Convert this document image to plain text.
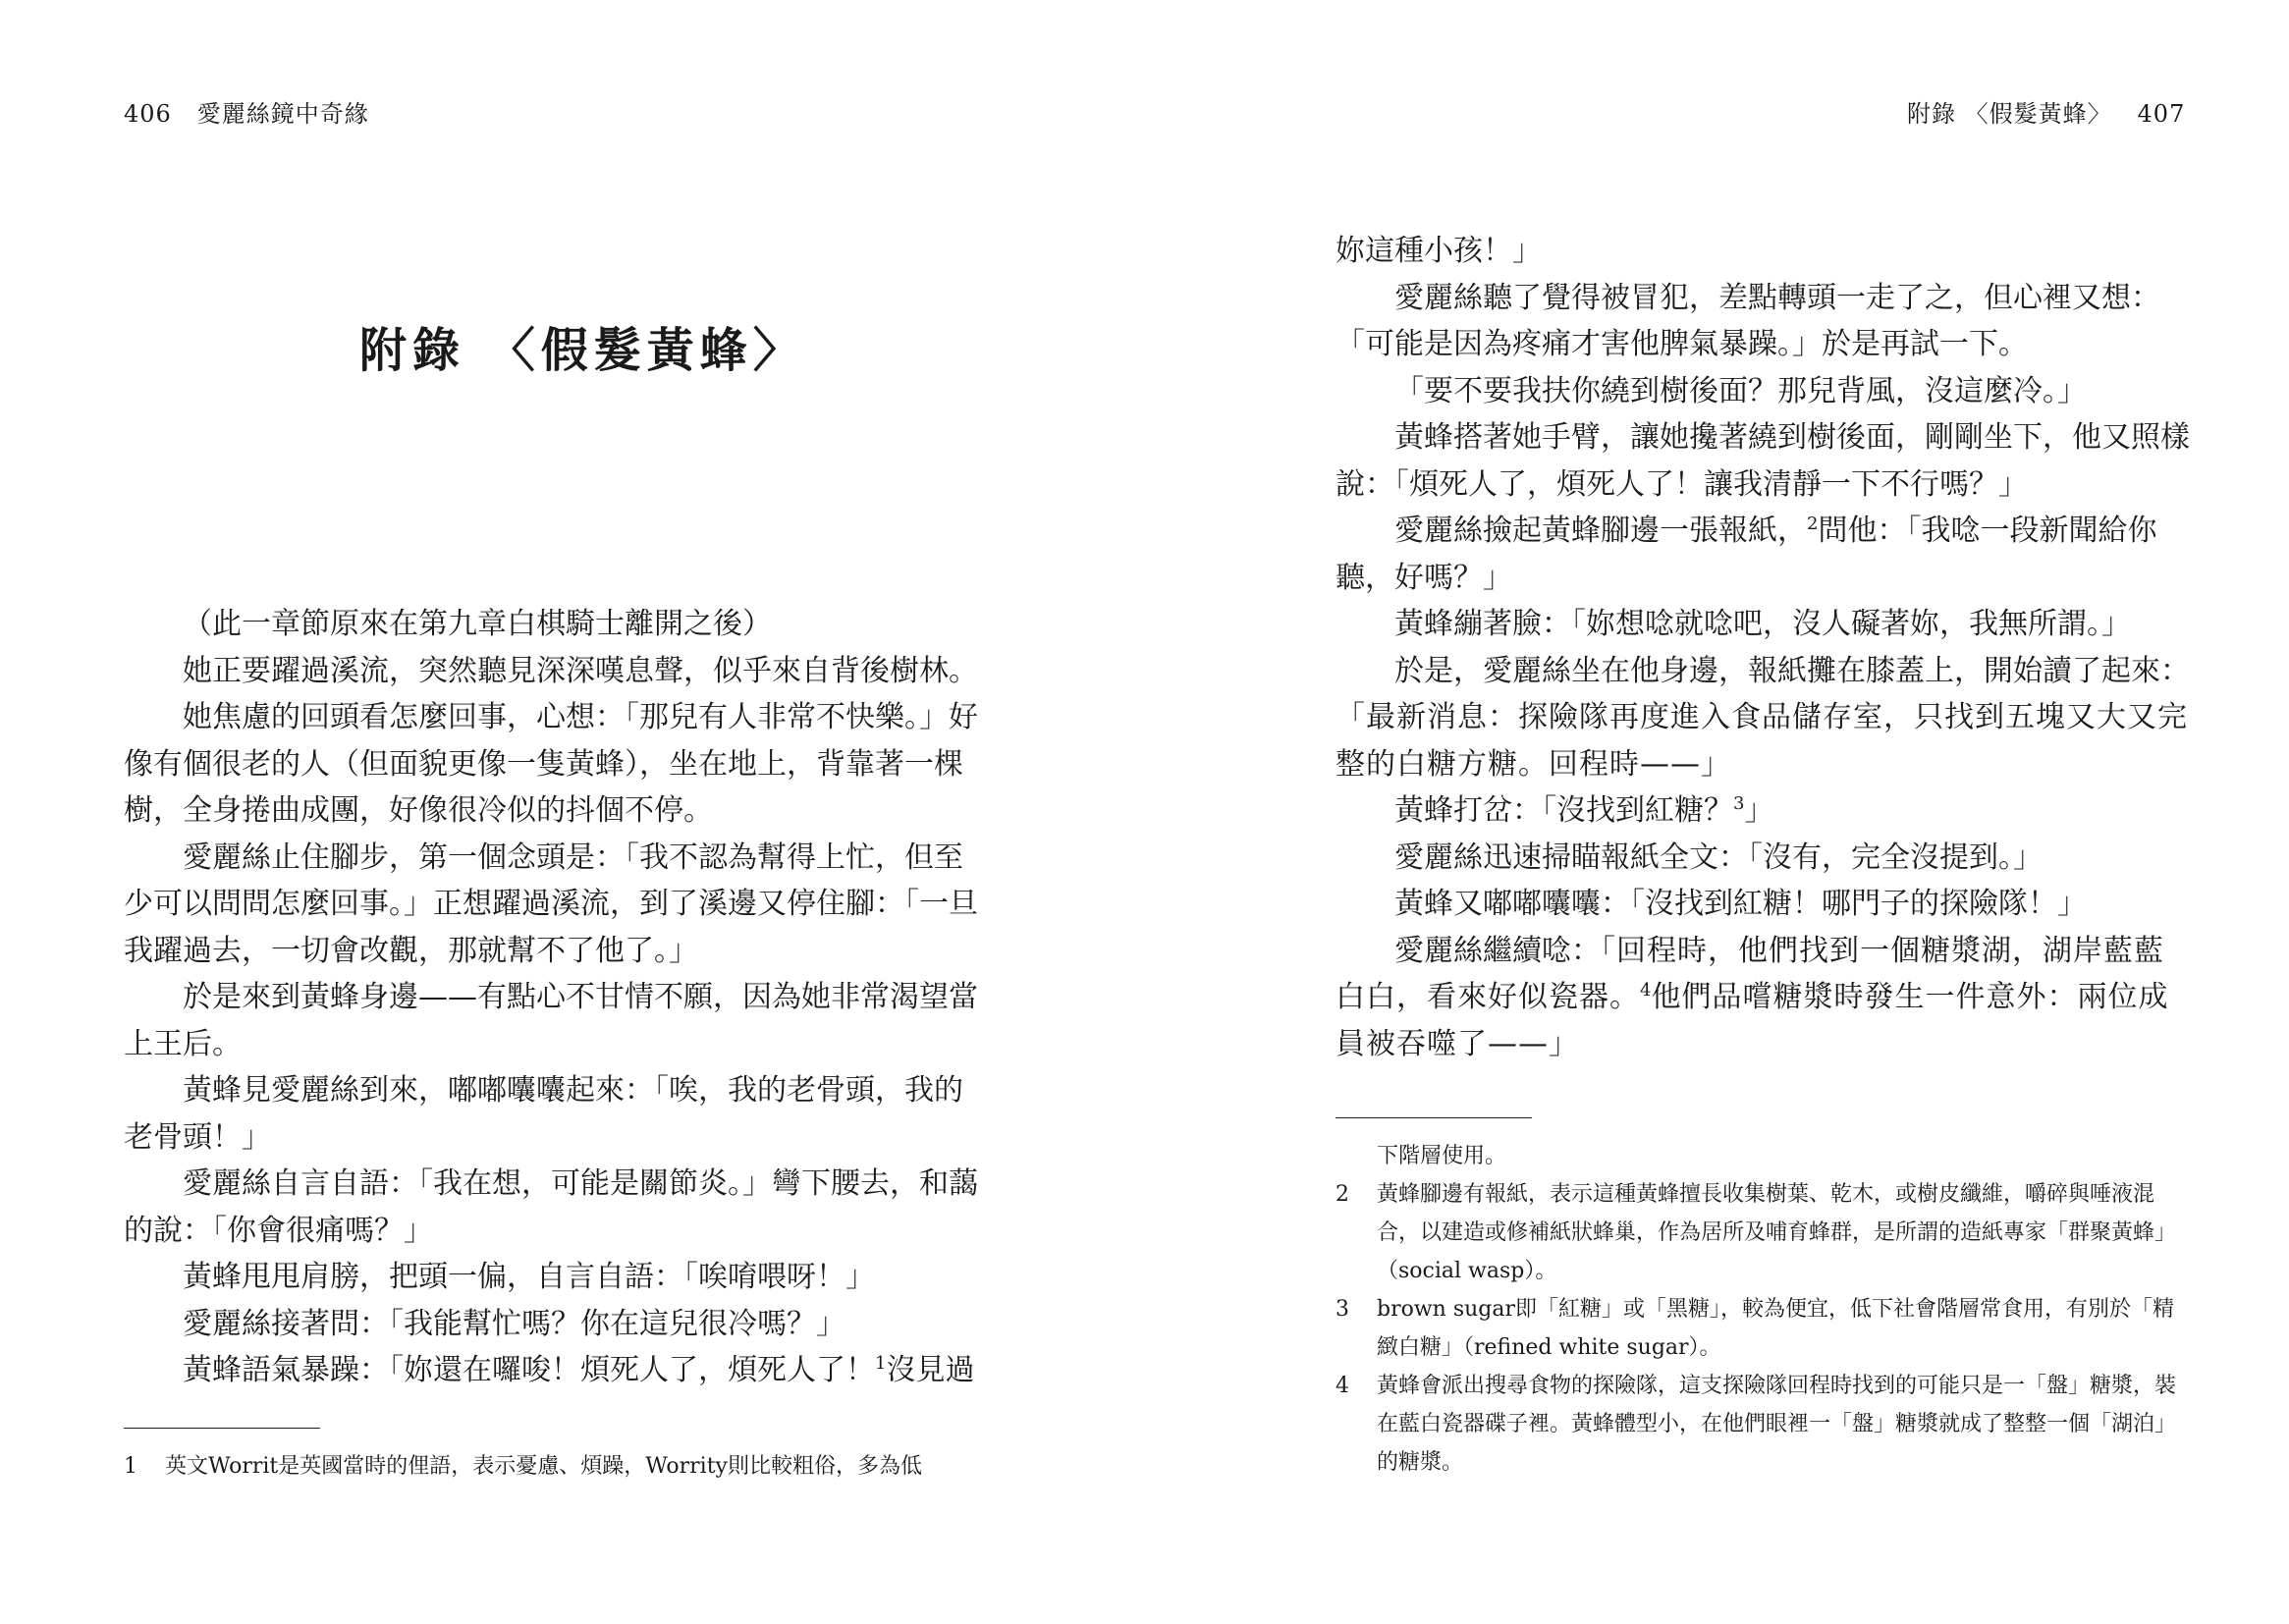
406 愛麗絲鏡中奇緣
附錄 〈假髮黃蜂〉

（此一章節原來在第九章白棋騎士離開之後）

她正要躍過溪流，突然聽見深深嘆息聲，似乎來自背後樹林。

她焦慮的回頭看怎麼回事，心想：「那兒有人非常不快樂。」好像有個很老的人（但面貌更像一隻黃蜂），坐在地上，背靠著一棵樹，全身捲曲成團，好像很冷似的抖個不停。

愛麗絲止住腳步，第一個念頭是：「我不認為幫得上忙，但至少可以問問怎麼回事。」正想躍過溪流，到了溪邊又停住腳：「一旦我躍過去，一切會改觀，那就幫不了他了。」

於是來到黃蜂身邊——有點心不甘情不願，因為她非常渴望當上王后。

黃蜂見愛麗絲到來，嘟嘟囔囔起來：「唉，我的老骨頭，我的老骨頭！」

愛麗絲自言自語：「我在想，可能是關節炎。」彎下腰去，和藹的說：「你會很痛嗎？」

黃蜂甩甩肩膀，把頭一偏，自言自語：「唉唷喂呀！」

愛麗絲接著問：「我能幫忙嗎？你在這兒很冷嗎？」

黃蜂語氣暴躁：「妳還在囉唆！煩死人了，煩死人了！$^1$沒見過

1	英文Worrit是英國當時的俚語，表示憂慮、煩躁，Worrity則比較粗俗，多為低
附錄 〈假髮黃蜂〉 407

妳這種小孩！」

愛麗絲聽了覺得被冒犯，差點轉頭一走了之，但心裡又想：「可能是因為疼痛才害他脾氣暴躁。」於是再試一下。

「要不要我扶你繞到樹後面？那兒背風，沒這麼冷。」

黃蜂搭著她手臂，讓她攙著繞到樹後面，剛剛坐下，他又照樣說：「煩死人了，煩死人了！讓我清靜一下不行嗎？」

愛麗絲撿起黃蜂腳邊一張報紙，$^2$問他：「我唸一段新聞給你聽，好嗎？」

黃蜂繃著臉：「妳想唸就唸吧，沒人礙著妳，我無所謂。」

於是，愛麗絲坐在他身邊，報紙攤在膝蓋上，開始讀了起來：

「最新消息：探險隊再度進入食品儲存室，只找到五塊又大又完整的白糖方糖。回程時——」

黃蜂打岔：「沒找到紅糖？$^3$」

愛麗絲迅速掃瞄報紙全文：「沒有，完全沒提到。」

黃蜂又嘟嘟囔囔：「沒找到紅糖！哪門子的探險隊！」

愛麗絲繼續唸：「回程時，他們找到一個糖漿湖，湖岸藍藍白白，看來好似瓷器。$^4$他們品嚐糖漿時發生一件意外：兩位成員被吞噬了——」

下階層使用。
2	黃蜂腳邊有報紙，表示這種黃蜂擅長收集樹葉、乾木，或樹皮纖維，嚼碎與唾液混合，以建造或修補紙狀蜂巢，作為居所及哺育蜂群，是所謂的造紙專家「群聚黃蜂」（social wasp）。
3	brown sugar即「紅糖」或「黑糖」，較為便宜，低下社會階層常食用，有別於「精緻白糖」（refined white sugar）。
4	黃蜂會派出搜尋食物的探險隊，這支探險隊回程時找到的可能只是一「盤」糖漿，裝在藍白瓷器碟子裡。黃蜂體型小，在他們眼裡一「盤」糖漿就成了整整一個「湖泊」的糖漿。
